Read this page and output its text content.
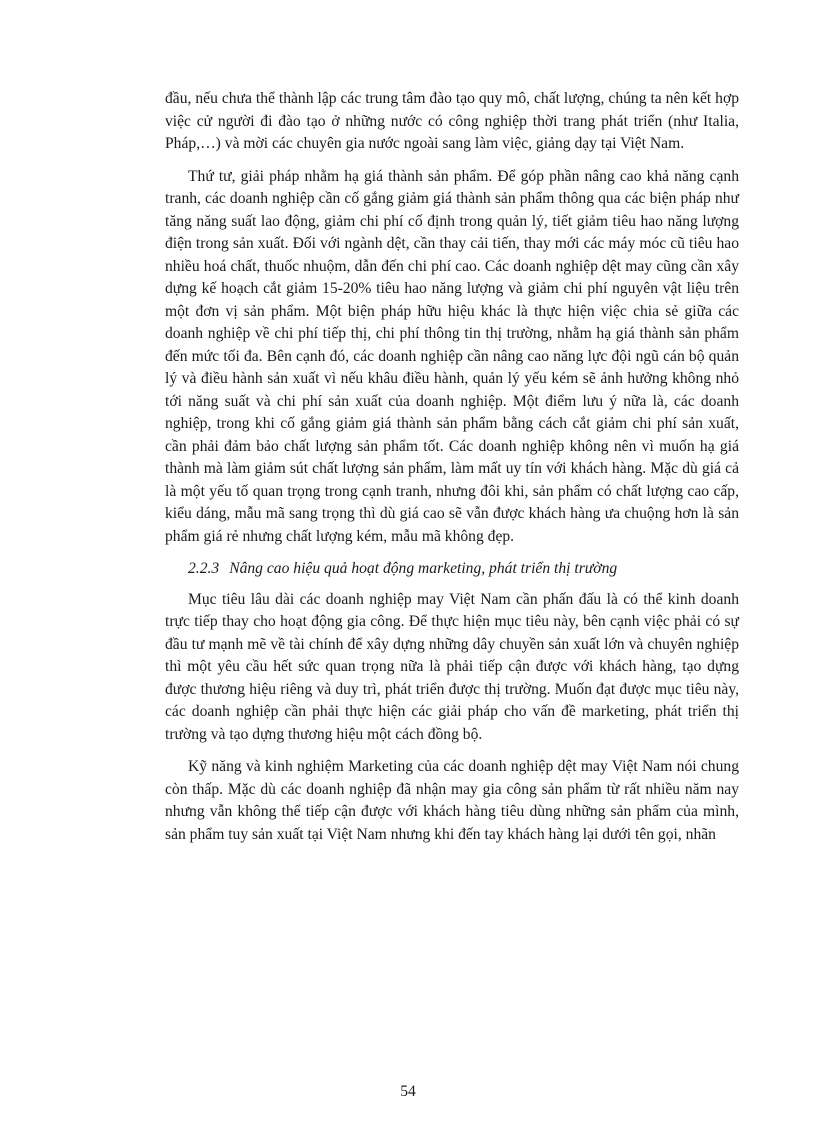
đầu, nếu chưa thể thành lập các trung tâm đào tạo quy mô, chất lượng, chúng ta nên kết hợp việc cử người đi đào tạo ở những nước có công nghiệp thời trang phát triển (như Italia, Pháp,…) và mời các chuyên gia nước ngoài sang làm việc, giảng dạy tại Việt Nam.

Thứ tư, giải pháp nhằm hạ giá thành sản phẩm. Để góp phần nâng cao khả năng cạnh tranh, các doanh nghiệp cần cố gắng giảm giá thành sản phẩm thông qua các biện pháp như tăng năng suất lao động, giảm chi phí cố định trong quản lý, tiết giảm tiêu hao năng lượng điện trong sản xuất. Đối với ngành dệt, cần thay cải tiến, thay mới các máy móc cũ tiêu hao nhiều hoá chất, thuốc nhuộm, dẫn đến chi phí cao. Các doanh nghiệp dệt may cũng cần xây dựng kế hoạch cắt giảm 15-20% tiêu hao năng lượng và giảm chi phí nguyên vật liệu trên một đơn vị sản phẩm. Một biện pháp hữu hiệu khác là thực hiện việc chia sẻ giữa các doanh nghiệp về chi phí tiếp thị, chi phí thông tin thị trường, nhằm hạ giá thành sản phẩm đến mức tối đa. Bên cạnh đó, các doanh nghiệp cần nâng cao năng lực đội ngũ cán bộ quản lý và điều hành sản xuất vì nếu khâu điều hành, quản lý yếu kém sẽ ảnh hưởng không nhỏ tới năng suất và chi phí sản xuất của doanh nghiệp. Một điểm lưu ý nữa là, các doanh nghiệp, trong khi cố gắng giảm giá thành sản phẩm bằng cách cắt giảm chi phí sản xuất, cần phải đảm bảo chất lượng sản phẩm tốt. Các doanh nghiệp không nên vì muốn hạ giá thành mà làm giảm sút chất lượng sản phẩm, làm mất uy tín với khách hàng. Mặc dù giá cả là một yếu tố quan trọng trong cạnh tranh, nhưng đôi khi, sản phẩm có chất lượng cao cấp, kiểu dáng, mẫu mã sang trọng thì dù giá cao sẽ vẫn được khách hàng ưa chuộng hơn là sản phẩm giá rẻ nhưng chất lượng kém, mẫu mã không đẹp.

2.2.3 Nâng cao hiệu quả hoạt động marketing, phát triển thị trường

Mục tiêu lâu dài các doanh nghiệp may Việt Nam cần phấn đấu là có thể kinh doanh trực tiếp thay cho hoạt động gia công. Để thực hiện mục tiêu này, bên cạnh việc phải có sự đầu tư mạnh mẽ về tài chính để xây dựng những dây chuyền sản xuất lớn và chuyên nghiệp thì một yêu cầu hết sức quan trọng nữa là phải tiếp cận được với khách hàng, tạo dựng được thương hiệu riêng và duy trì, phát triển được thị trường. Muốn đạt được mục tiêu này, các doanh nghiệp cần phải thực hiện các giải pháp cho vấn đề marketing, phát triển thị trường và tạo dựng thương hiệu một cách đồng bộ.

Kỹ năng và kinh nghiệm Marketing của các doanh nghiệp dệt may Việt Nam nói chung còn thấp. Mặc dù các doanh nghiệp đã nhận may gia công sản phẩm từ rất nhiều năm nay nhưng vẫn không thể tiếp cận được với khách hàng tiêu dùng những sản phẩm của mình, sản phẩm tuy sản xuất tại Việt Nam nhưng khi đến tay khách hàng lại dưới tên gọi, nhãn

54
